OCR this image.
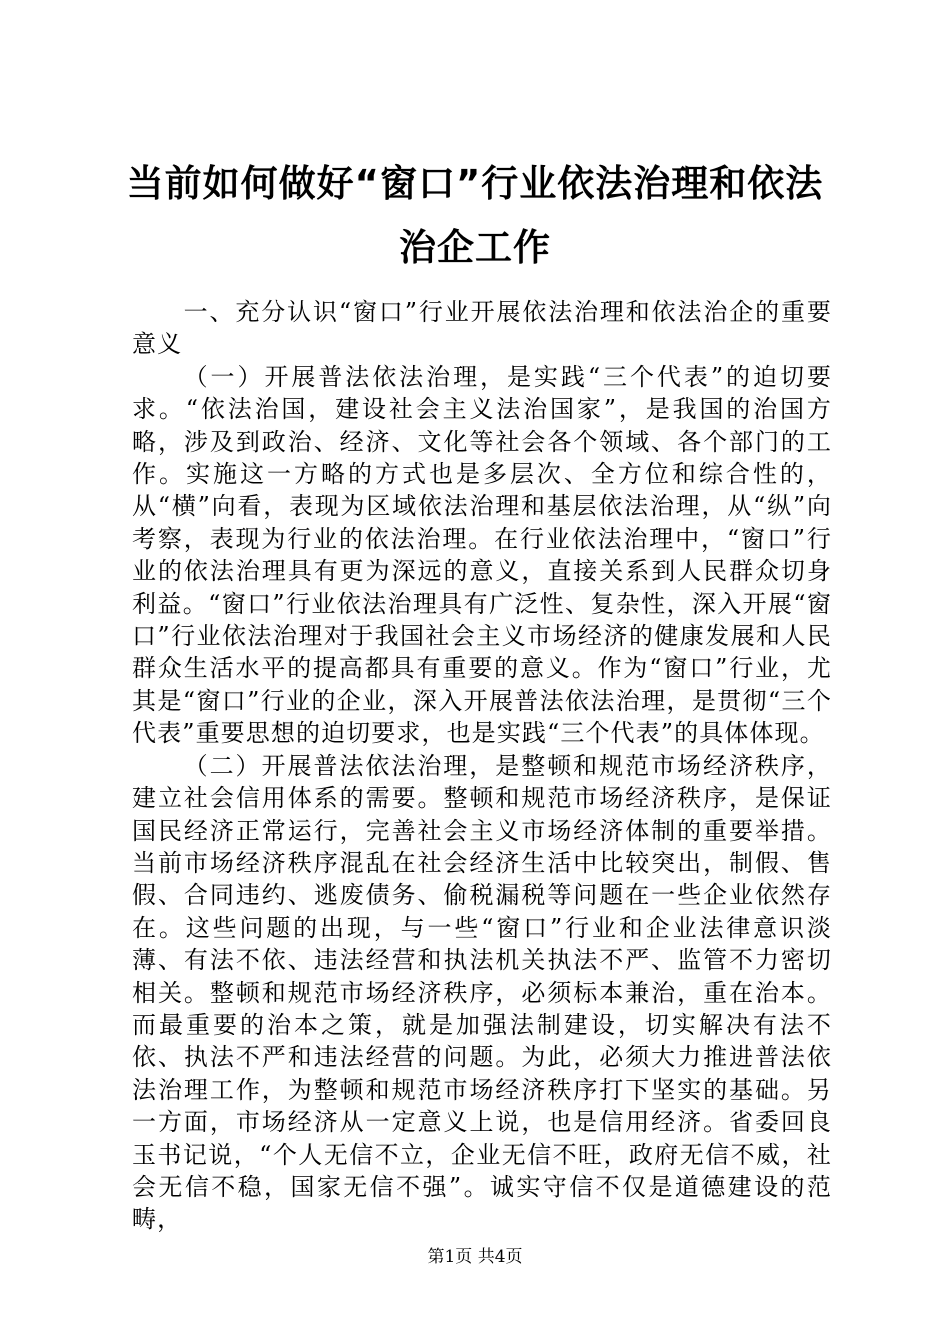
当前如何做好“窗口”行业依法治理和依法治企工作

一、充分认识“窗口”行业开展依法治理和依法治企的重要意义

（一）开展普法依法治理，是实践“三个代表”的迫切要求。“依法治国，建设社会主义法治国家”，是我国的治国方略，涉及到政治、经济、文化等社会各个领域、各个部门的工作。实施这一方略的方式也是多层次、全方位和综合性的，从“横”向看，表现为区域依法治理和基层依法治理，从“纵”向考察，表现为行业的依法治理。在行业依法治理中，“窗口”行业的依法治理具有更为深远的意义，直接关系到人民群众切身利益。“窗口”行业依法治理具有广泛性、复杂性，深入开展“窗口”行业依法治理对于我国社会主义市场经济的健康发展和人民群众生活水平的提高都具有重要的意义。作为“窗口”行业，尤其是“窗口”行业的企业，深入开展普法依法治理，是贯彻“三个代表”重要思想的迫切要求，也是实践“三个代表”的具体体现。

（二）开展普法依法治理，是整顿和规范市场经济秩序，建立社会信用体系的需要。整顿和规范市场经济秩序，是保证国民经济正常运行，完善社会主义市场经济体制的重要举措。当前市场经济秩序混乱在社会经济生活中比较突出，制假、售假、合同违约、逃废债务、偷税漏税等问题在一些企业依然存在。这些问题的出现，与一些“窗口”行业和企业法律意识淡薄、有法不依、违法经营和执法机关执法不严、监管不力密切相关。整顿和规范市场经济秩序，必须标本兼治，重在治本。而最重要的治本之策，就是加强法制建设，切实解决有法不依、执法不严和违法经营的问题。为此，必须大力推进普法依法治理工作，为整顿和规范市场经济秩序打下坚实的基础。另一方面，市场经济从一定意义上说，也是信用经济。省委回良玉书记说，“个人无信不立，企业无信不旺，政府无信不威，社会无信不稳，国家无信不强”。诚实守信不仅是道德建设的范畴，

第1页 共4页
